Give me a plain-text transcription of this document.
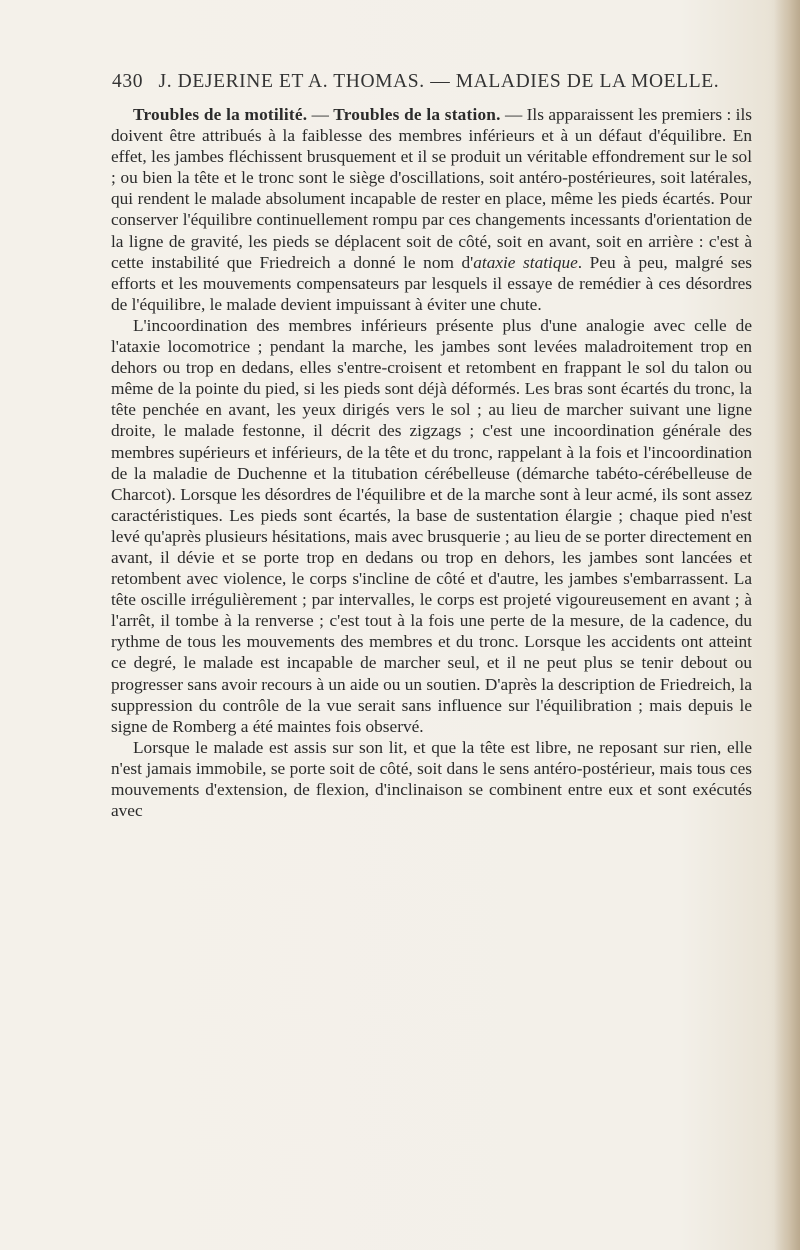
430 J. DEJERINE ET A. THOMAS. — MALADIES DE LA MOELLE.

Troubles de la motilité. — Troubles de la station. — Ils apparaissent les premiers : ils doivent être attribués à la faiblesse des membres inférieurs et à un défaut d'équilibre. En effet, les jambes fléchissent brusquement et il se produit un véritable effondrement sur le sol ; ou bien la tête et le tronc sont le siège d'oscillations, soit antéro-postérieures, soit latérales, qui rendent le malade absolument incapable de rester en place, même les pieds écartés. Pour conserver l'équilibre continuellement rompu par ces changements incessants d'orientation de la ligne de gravité, les pieds se déplacent soit de côté, soit en avant, soit en arrière : c'est à cette instabilité que Friedreich a donné le nom d'ataxie statique. Peu à peu, malgré ses efforts et les mouvements compensateurs par lesquels il essaye de remédier à ces désordres de l'équilibre, le malade devient impuissant à éviter une chute.

L'incoordination des membres inférieurs présente plus d'une analogie avec celle de l'ataxie locomotrice ; pendant la marche, les jambes sont levées maladroitement trop en dehors ou trop en dedans, elles s'entre-croisent et retombent en frappant le sol du talon ou même de la pointe du pied, si les pieds sont déjà déformés. Les bras sont écartés du tronc, la tête penchée en avant, les yeux dirigés vers le sol ; au lieu de marcher suivant une ligne droite, le malade festonne, il décrit des zigzags ; c'est une incoordination générale des membres supérieurs et inférieurs, de la tête et du tronc, rappelant à la fois et l'incoordination de la maladie de Duchenne et la titubation cérébelleuse (démarche tabéto-cérébelleuse de Charcot). Lorsque les désordres de l'équilibre et de la marche sont à leur acmé, ils sont assez caractéristiques. Les pieds sont écartés, la base de sustentation élargie ; chaque pied n'est levé qu'après plusieurs hésitations, mais avec brusquerie ; au lieu de se porter directement en avant, il dévie et se porte trop en dedans ou trop en dehors, les jambes sont lancées et retombent avec violence, le corps s'incline de côté et d'autre, les jambes s'embarrassent. La tête oscille irrégulièrement ; par intervalles, le corps est projeté vigoureusement en avant ; à l'arrêt, il tombe à la renverse ; c'est tout à la fois une perte de la mesure, de la cadence, du rythme de tous les mouvements des membres et du tronc. Lorsque les accidents ont atteint ce degré, le malade est incapable de marcher seul, et il ne peut plus se tenir debout ou progresser sans avoir recours à un aide ou un soutien. D'après la description de Friedreich, la suppression du contrôle de la vue serait sans influence sur l'équilibration ; mais depuis le signe de Romberg a été maintes fois observé.

Lorsque le malade est assis sur son lit, et que la tête est libre, ne reposant sur rien, elle n'est jamais immobile, se porte soit de côté, soit dans le sens antéro-postérieur, mais tous ces mouvements d'extension, de flexion, d'inclinaison se combinent entre eux et sont exécutés avec
